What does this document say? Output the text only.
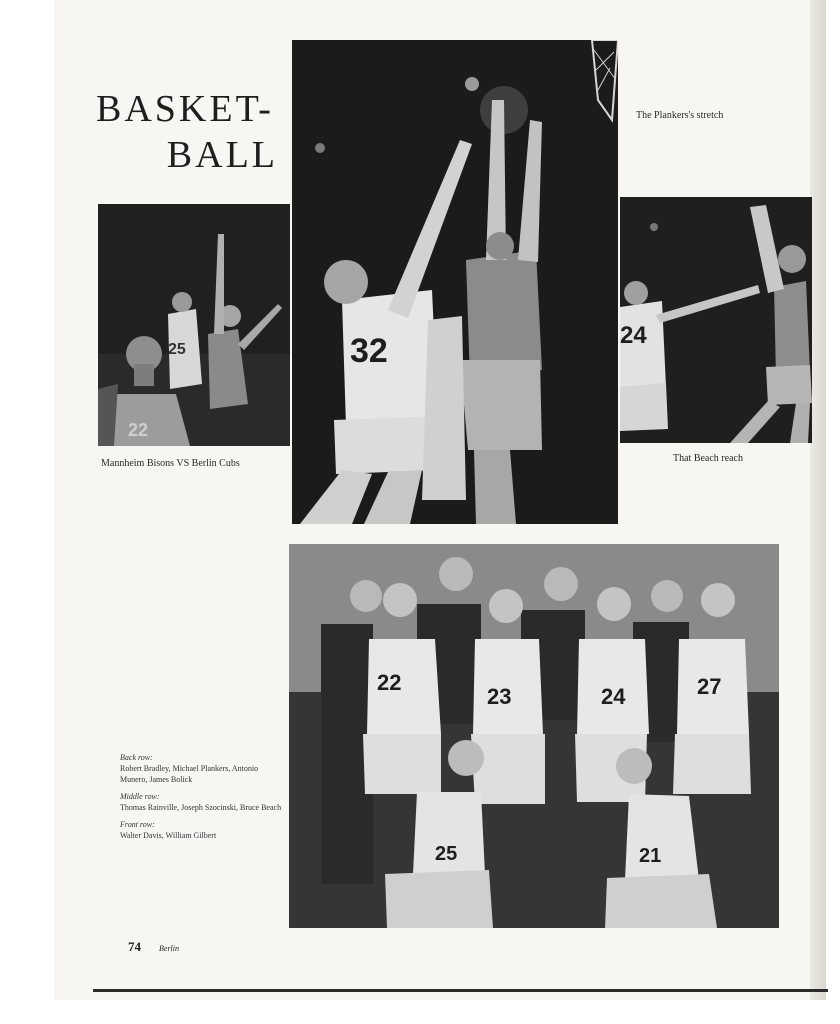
BASKET-
BALL
25
22
Mannheim Bisons VS Berlin Cubs
32
The Plankers's stretch
24
That Beach reach
22
23	24	27
25	21
Back row:
Robert Bradley, Michael Plankers, Antonio Munero, James Bolick
Middle row:
Thomas Rainville, Joseph Szocinski, Bruce Beach
Front row:
Walter Davis, William Gilbert
74 Berlin
